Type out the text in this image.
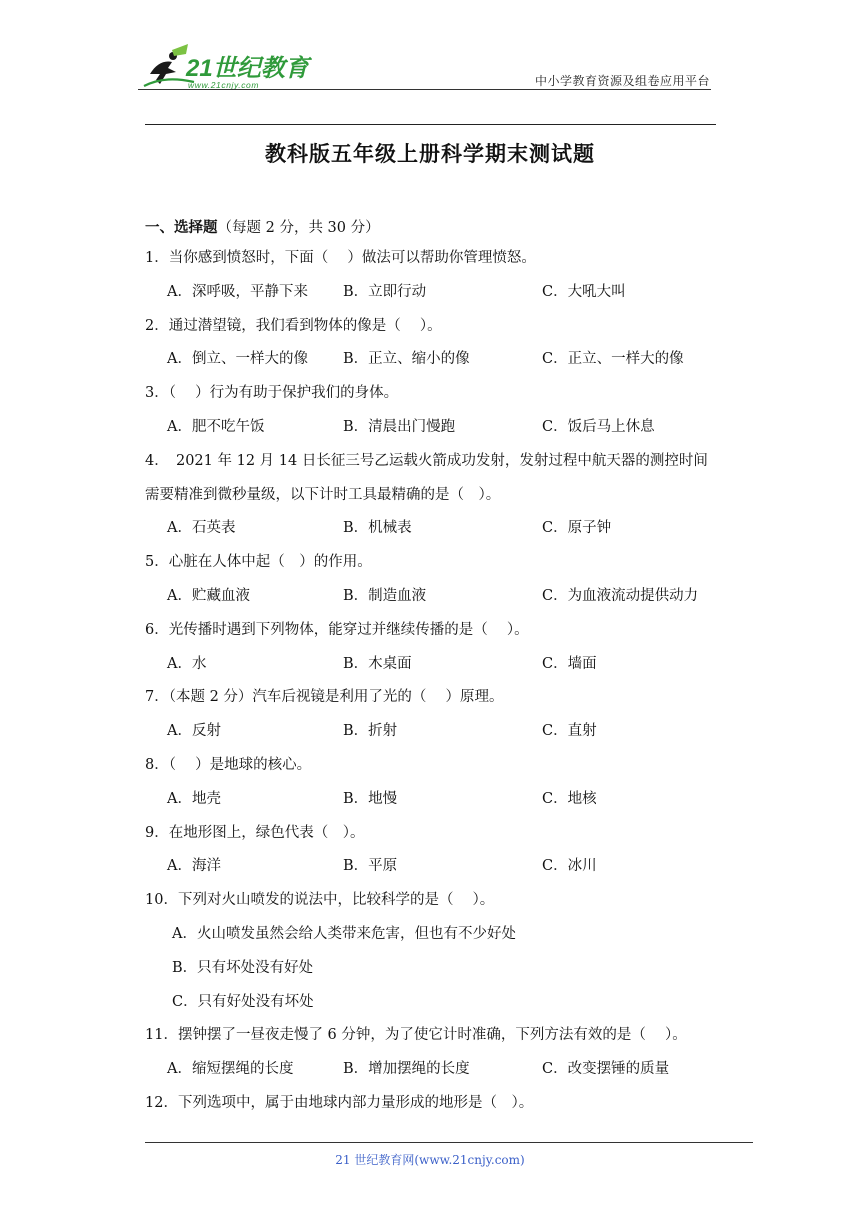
21世纪教育
www.21cnjy.com	中小学教育资源及组卷应用平台
教科版五年级上册科学期末测试题
一、选择题（每题 2 分，共 30 分）
1．当你感到愤怒时，下面（　 ）做法可以帮助你管理愤怒。
A．深呼吸，平静下来 B．立即行动	C．大吼大叫
2．通过潜望镜，我们看到物体的像是（　 ）。
A．倒立、一样大的像 B．正立、缩小的像	C．正立、一样大的像
3．（　 ）行为有助于保护我们的身体。
A．肥不吃午饭	B．清晨出门慢跑	C．饭后马上休息
4．　2021 年 12 月 14 日长征三号乙运载火箭成功发射，发射过程中航天器的测控时间
需要精准到微秒量级，以下计时工具最精确的是（　）。
A．石英表	B．机械表	C．原子钟
5．心脏在人体中起（　）的作用。
A．贮藏血液	B．制造血液	C．为血液流动提供动力
6．光传播时遇到下列物体，能穿过并继续传播的是（　 ）。
A．水	B．木桌面	C．墙面
7．（本题 2 分）汽车后视镜是利用了光的（　 ）原理。
A．反射	B．折射	C．直射
8．（　 ）是地球的核心。
A．地壳	B．地慢	C．地核
9．在地形图上，绿色代表（　）。
A．海洋	B．平原	C．冰川
10．下列对火山喷发的说法中，比较科学的是（　 ）。
A．火山喷发虽然会给人类带来危害，但也有不少好处
B．只有坏处没有好处
C．只有好处没有坏处
11．摆钟摆了一昼夜走慢了 6 分钟，为了使它计时准确，下列方法有效的是（　 ）。
A．缩短摆绳的长度	B．增加摆绳的长度	C．改变摆锤的质量
12．下列选项中，属于由地球内部力量形成的地形是（　）。
21 世纪教育网(www.21cnjy.com)
